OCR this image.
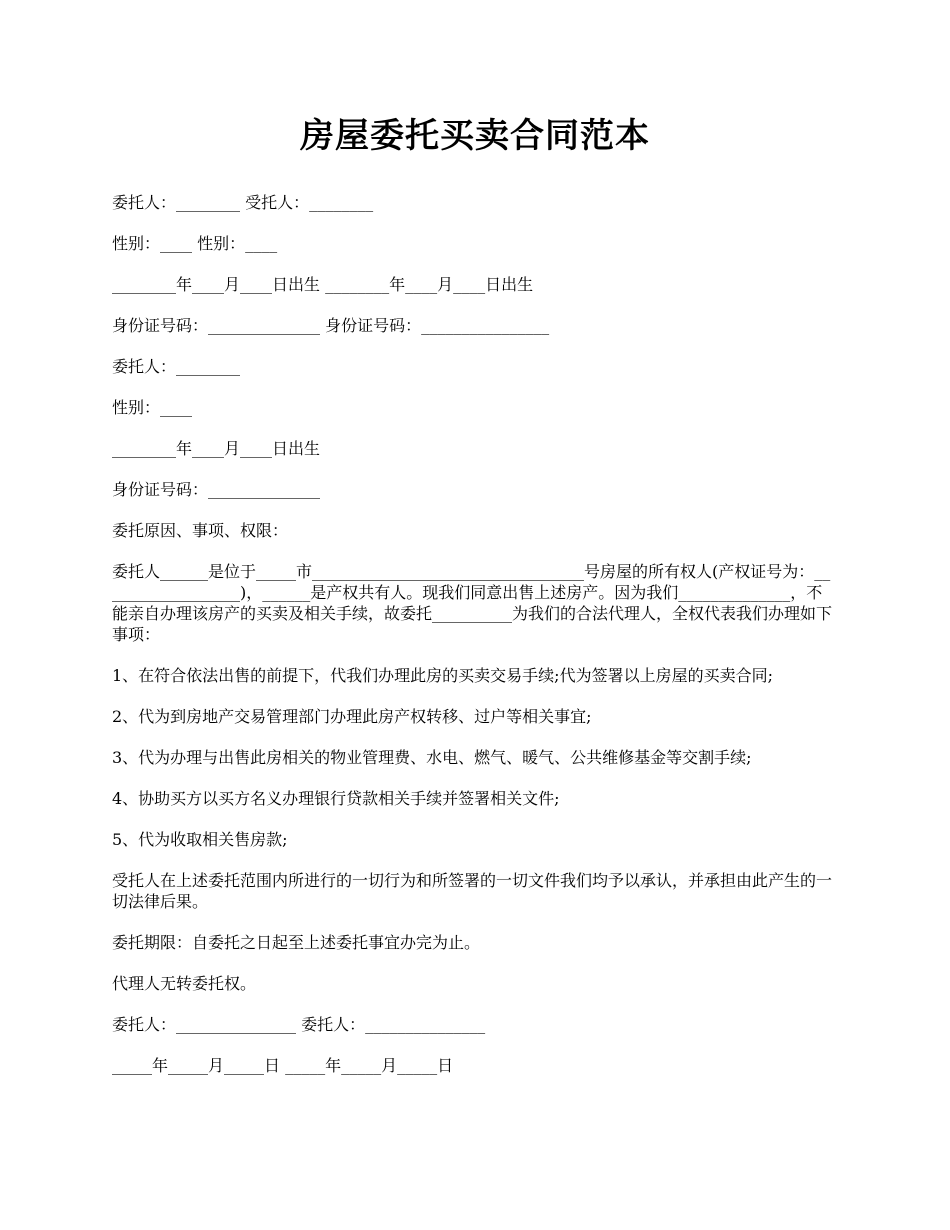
房屋委托买卖合同范本

委托人：________ 受托人：________

性别：____ 性别：____

________年____月____日出生 ________年____月____日出生

身份证号码：______________ 身份证号码：________________

委托人：________

性别：____

________年____月____日出生

身份证号码：______________

委托原因、事项、权限：

委托人______是位于_____市__________________________________号房屋的所有权人(产权证号为：__________________)，______是产权共有人。现我们同意出售上述房产。因为我们______________，不能亲自办理该房产的买卖及相关手续，故委托__________为我们的合法代理人，全权代表我们办理如下事项：

1、在符合依法出售的前提下，代我们办理此房的买卖交易手续;代为签署以上房屋的买卖合同;

2、代为到房地产交易管理部门办理此房产权转移、过户等相关事宜;

3、代为办理与出售此房相关的物业管理费、水电、燃气、暖气、公共维修基金等交割手续;

4、协助买方以买方名义办理银行贷款相关手续并签署相关文件;

5、代为收取相关售房款;

受托人在上述委托范围内所进行的一切行为和所签署的一切文件我们均予以承认，并承担由此产生的一切法律后果。

委托期限：自委托之日起至上述委托事宜办完为止。

代理人无转委托权。

委托人：_______________ 委托人：_______________

_____年_____月_____日 _____年_____月_____日
